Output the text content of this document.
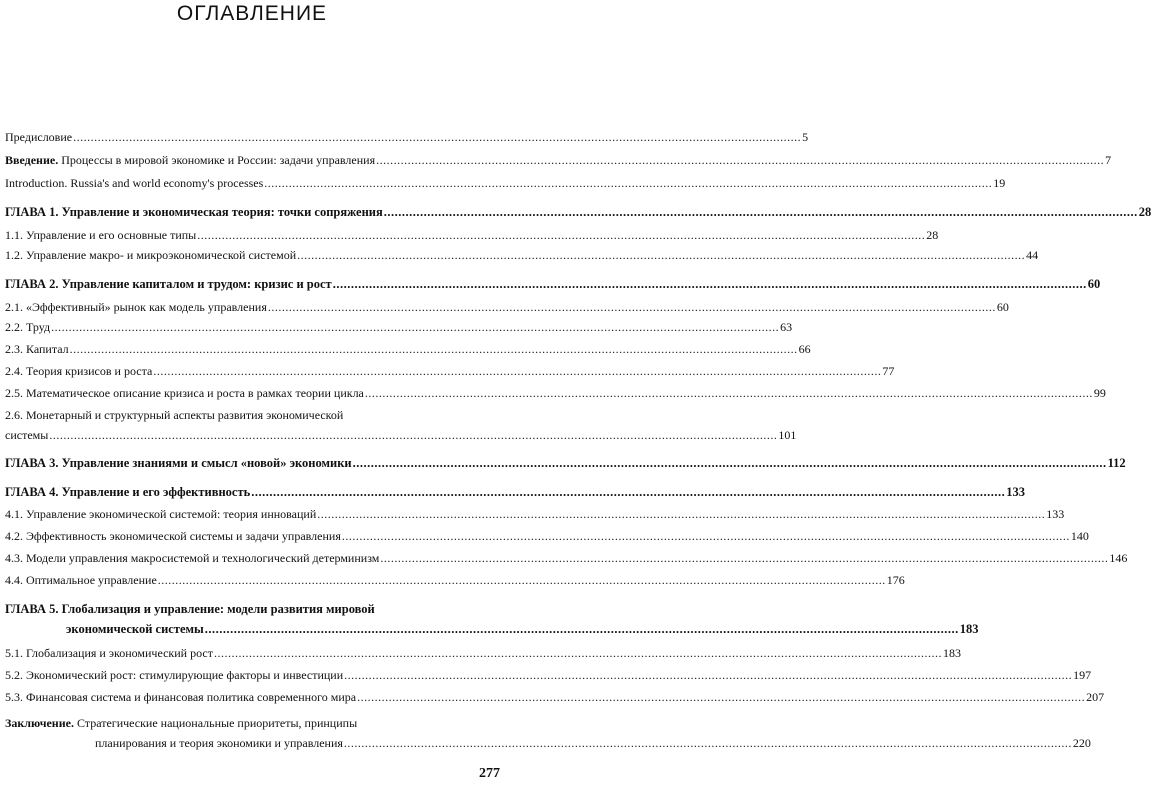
ОГЛАВЛЕНИЕ
Предисловие .....	5
Введение. Процессы в мировой экономике и России: задачи управления .....	7
Introduction. Russia's and world economy's processes .....	19
ГЛАВА 1. Управление и экономическая теория: точки сопряжения .....	28
1.1. Управление и его основные типы .....	28
1.2. Управление макро- и микроэкономической системой .....	44
ГЛАВА 2. Управление капиталом и трудом: кризис и рост .....	60
2.1. «Эффективный» рынок как модель управления .....	60
2.2. Труд .....	63
2.3. Капитал .....	66
2.4. Теория кризисов и роста .....	77
2.5. Математическое описание кризиса и роста в рамках теории цикла .....	99
2.6. Монетарный и структурный аспекты развития экономической
системы .....	101
ГЛАВА 3. Управление знаниями и смысл «новой» экономики .....	112
ГЛАВА 4. Управление и его эффективность .....	133
4.1. Управление экономической системой: теория инноваций .....	133
4.2. Эффективность экономической системы и задачи управления .....	140
4.3. Модели управления макросистемой и технологический детерминизм .....	146
4.4. Оптимальное управление .....	176
ГЛАВА 5. Глобализация и управление: модели развития мировой
экономической системы .....	183
5.1. Глобализация и экономический рост .....	183
5.2. Экономический рост: стимулирующие факторы и инвестиции .....	197
5.3. Финансовая система и финансовая политика современного мира .....	207
Заключение. Стратегические национальные приоритеты, принципы
планирования и теория экономики и управления .....	220
277
